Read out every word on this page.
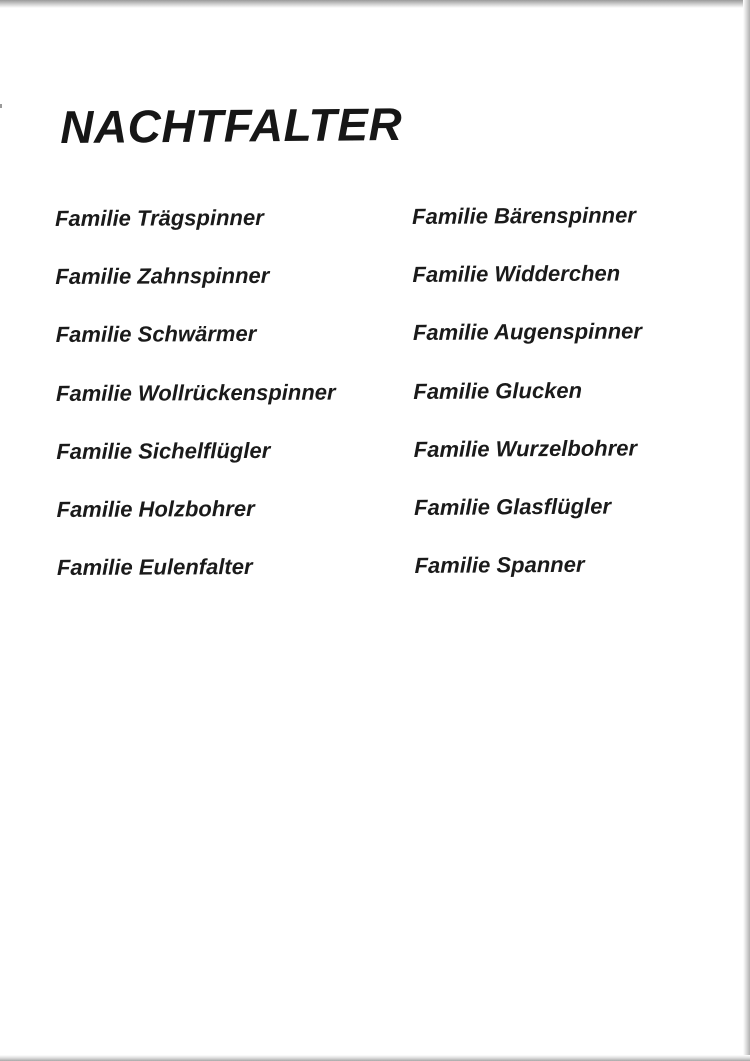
NACHTFALTER
Familie Trägspinner
Familie Zahnspinner
Familie Schwärmer
Familie Wollrückenspinner
Familie Sichelflügler
Familie Holzbohrer
Familie Eulenfalter
Familie Bärenspinner
Familie Widderchen
Familie Augenspinner
Familie Glucken
Familie Wurzelbohrer
Familie Glasflügler
Familie Spanner
